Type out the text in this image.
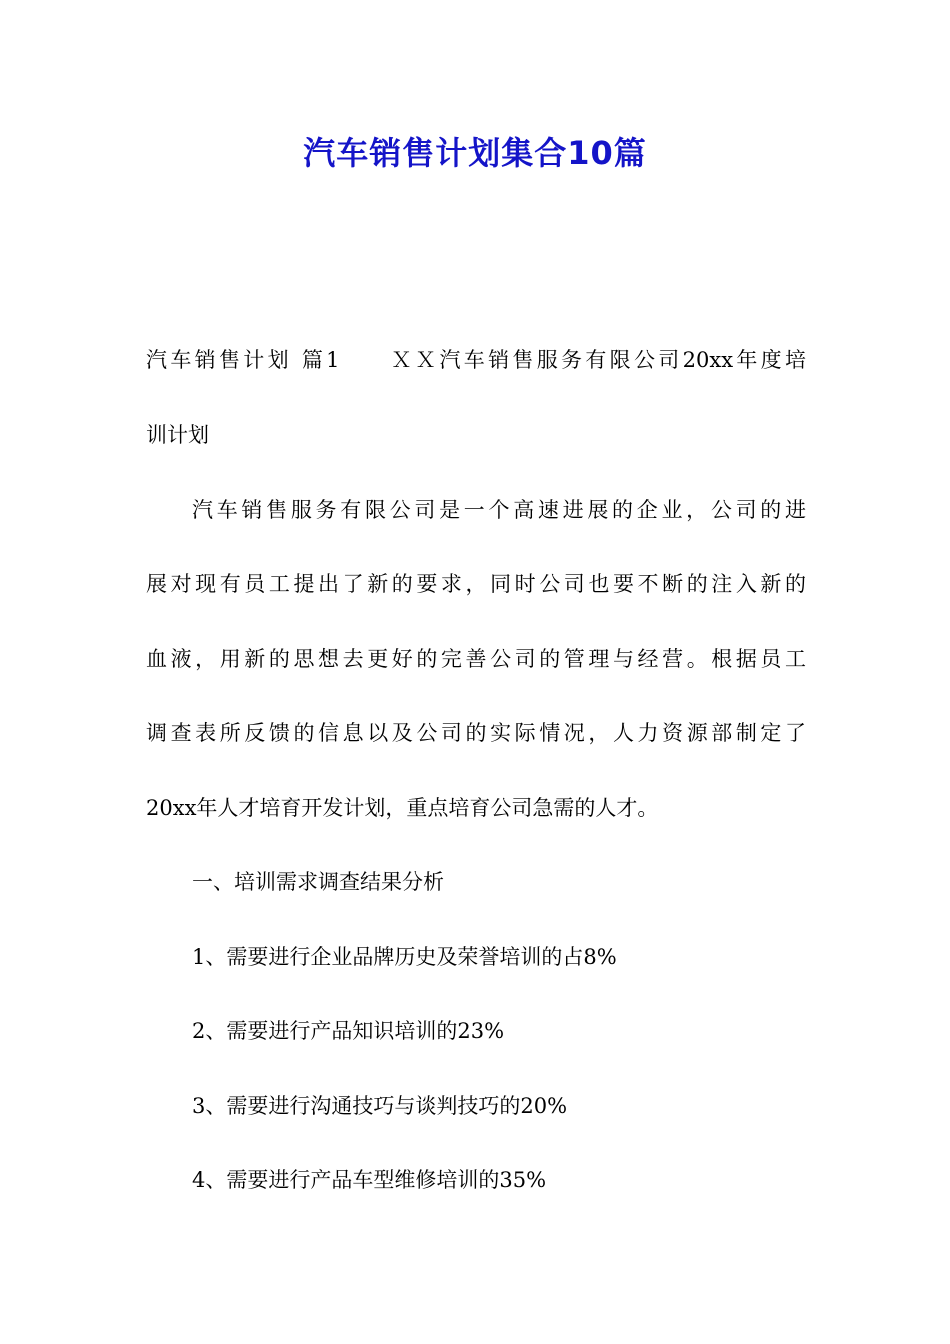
汽车销售计划集合10篇
汽车销售计划 篇1 ＸＸ汽车销售服务有限公司20xx年度培
训计划
汽车销售服务有限公司是一个高速进展的企业，公司的进
展对现有员工提出了新的要求，同时公司也要不断的注入新的
血液，用新的思想去更好的完善公司的管理与经营。根据员工
调查表所反馈的信息以及公司的实际情况，人力资源部制定了
20xx年人才培育开发计划，重点培育公司急需的人才。
一、培训需求调查结果分析
1、需要进行企业品牌历史及荣誉培训的占8%
2、需要进行产品知识培训的23%
3、需要进行沟通技巧与谈判技巧的20%
4、需要进行产品车型维修培训的35%
